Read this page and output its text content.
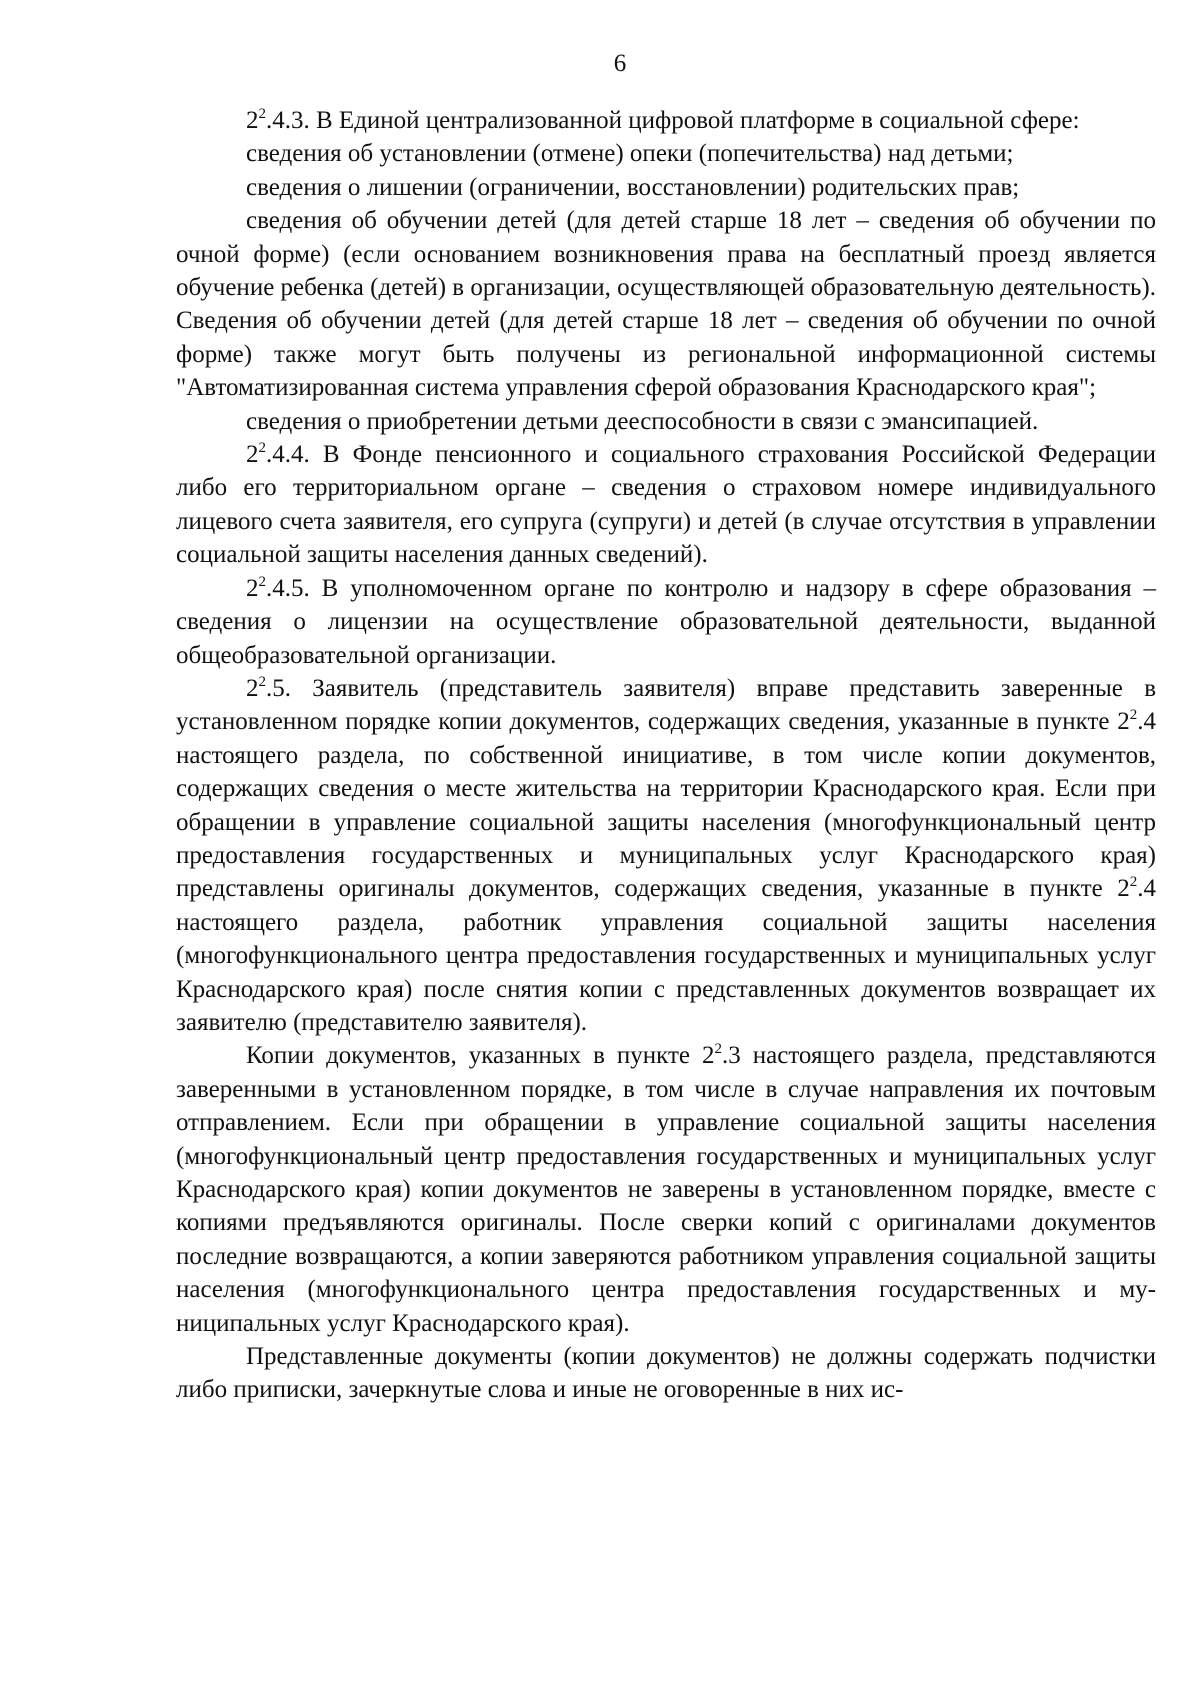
6

$2^2.4.3$. В Единой централизованной цифровой платформе в социальной сфере:

сведения об установлении (отмене) опеки (попечительства) над детьми;

сведения о лишении (ограничении, восстановлении) родительских прав;

сведения об обучении детей (для детей старше 18 лет – сведения об обучении по очной форме) (если основанием возникновения права на бесплатный проезд является обучение ребенка (детей) в организации, осуществляющей образовательную деятельность). Сведения об обучении детей (для детей старше 18 лет – сведения об обучении по очной форме) также могут быть получены из региональной информационной системы "Автоматизированная система управления сферой образования Краснодарского края";

сведения о приобретении детьми дееспособности в связи с эмансипацией.

$2^2.4.4$. В Фонде пенсионного и социального страхования Российской Федерации либо его территориальном органе – сведения о страховом номере индивидуального лицевого счета заявителя, его супруга (супруги) и детей (в случае отсутствия в управлении социальной защиты населения данных сведений).

$2^2.4.5$. В уполномоченном органе по контролю и надзору в сфере образования – сведения о лицензии на осуществление образовательной деятельности, выданной общеобразовательной организации.

$2^2.5$. Заявитель (представитель заявителя) вправе представить заверенные в установленном порядке копии документов, содержащих сведения, указанные в пункте $2^2.4$ настоящего раздела, по собственной инициативе, в том числе копии документов, содержащих сведения о месте жительства на территории Краснодарского края. Если при обращении в управление социальной защиты населения (многофункциональный центр предоставления государственных и муниципальных услуг Краснодарского края) представлены оригиналы документов, содержащих сведения, указанные в пункте $2^2.4$ настоящего раздела, работник управления социальной защиты населения (многофункционального центра предоставления государственных и муниципальных услуг Краснодарского края) после снятия копии с представленных документов возвращает их заявителю (представителю заявителя).

Копии документов, указанных в пункте $2^2.3$ настоящего раздела, представляются заверенными в установленном порядке, в том числе в случае направления их почтовым отправлением. Если при обращении в управление социальной защиты населения (многофункциональный центр предоставления государственных и муниципальных услуг Краснодарского края) копии документов не заверены в установленном порядке, вместе с копиями предъявляются оригиналы. После сверки копий с оригиналами документов последние возвращаются, а копии заверяются работником управления социальной защиты населения (многофункционального центра предоставления государственных и муниципальных услуг Краснодарского края).

Представленные документы (копии документов) не должны содержать подчистки либо приписки, зачеркнутые слова и иные не оговоренные в них ис-
